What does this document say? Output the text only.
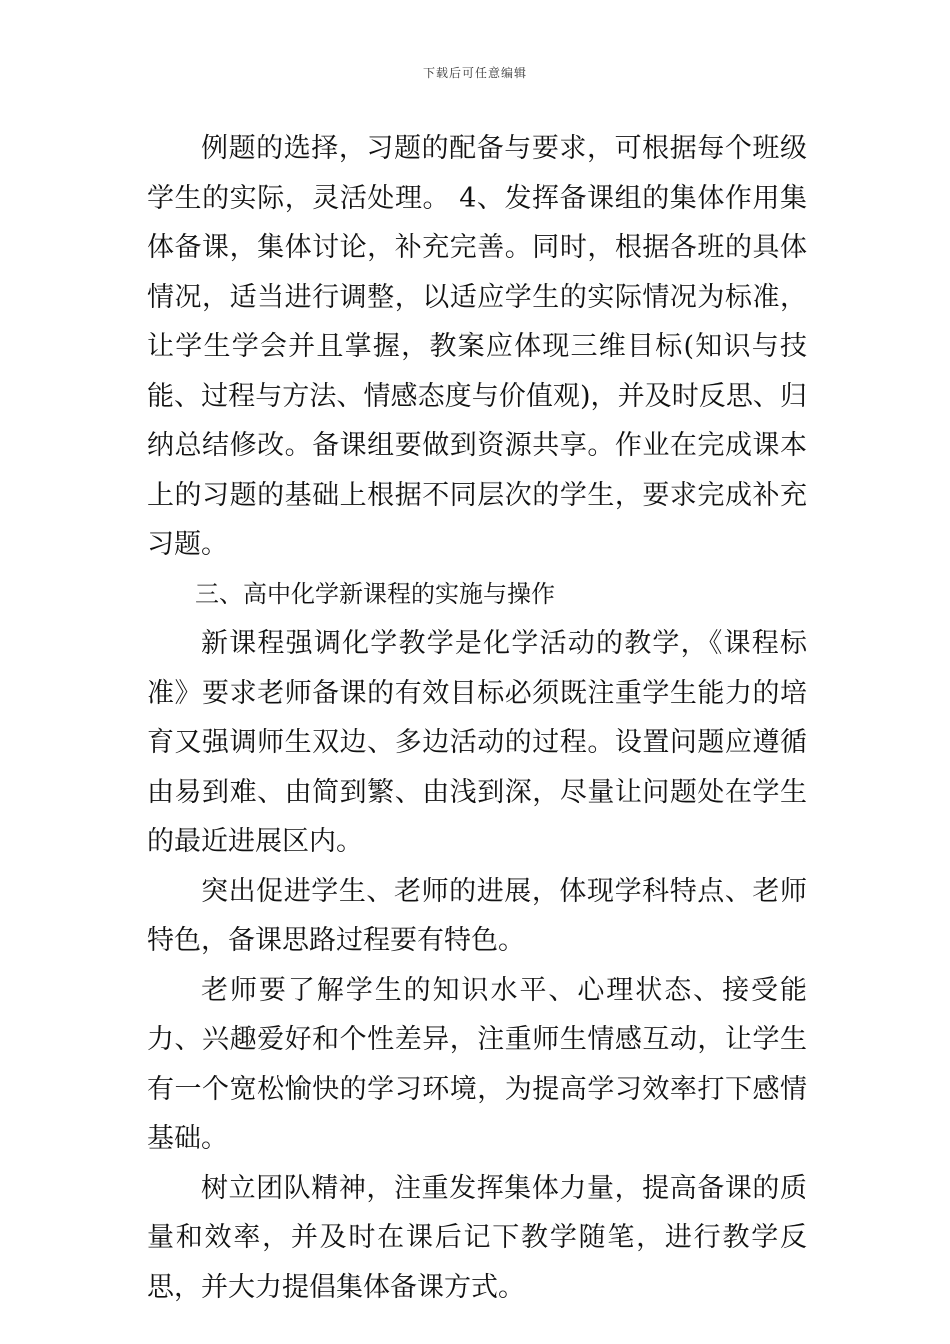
下载后可任意编辑

例题的选择，习题的配备与要求，可根据每个班级学生的实际，灵活处理。 4、发挥备课组的集体作用集体备课，集体讨论，补充完善。同时，根据各班的具体情况，适当进行调整，以适应学生的实际情况为标准，让学生学会并且掌握，教案应体现三维目标(知识与技能、过程与方法、情感态度与价值观)，并及时反思、归纳总结修改。备课组要做到资源共享。作业在完成课本上的习题的基础上根据不同层次的学生，要求完成补充习题。

三、高中化学新课程的实施与操作

新课程强调化学教学是化学活动的教学，《课程标准》要求老师备课的有效目标必须既注重学生能力的培育又强调师生双边、多边活动的过程。设置问题应遵循由易到难、由简到繁、由浅到深，尽量让问题处在学生的最近进展区内。

突出促进学生、老师的进展，体现学科特点、老师特色，备课思路过程要有特色。

老师要了解学生的知识水平、心理状态、接受能力、兴趣爱好和个性差异，注重师生情感互动，让学生有一个宽松愉快的学习环境，为提高学习效率打下感情基础。

树立团队精神，注重发挥集体力量，提高备课的质量和效率，并及时在课后记下教学随笔，进行教学反思，并大力提倡集体备课方式。
